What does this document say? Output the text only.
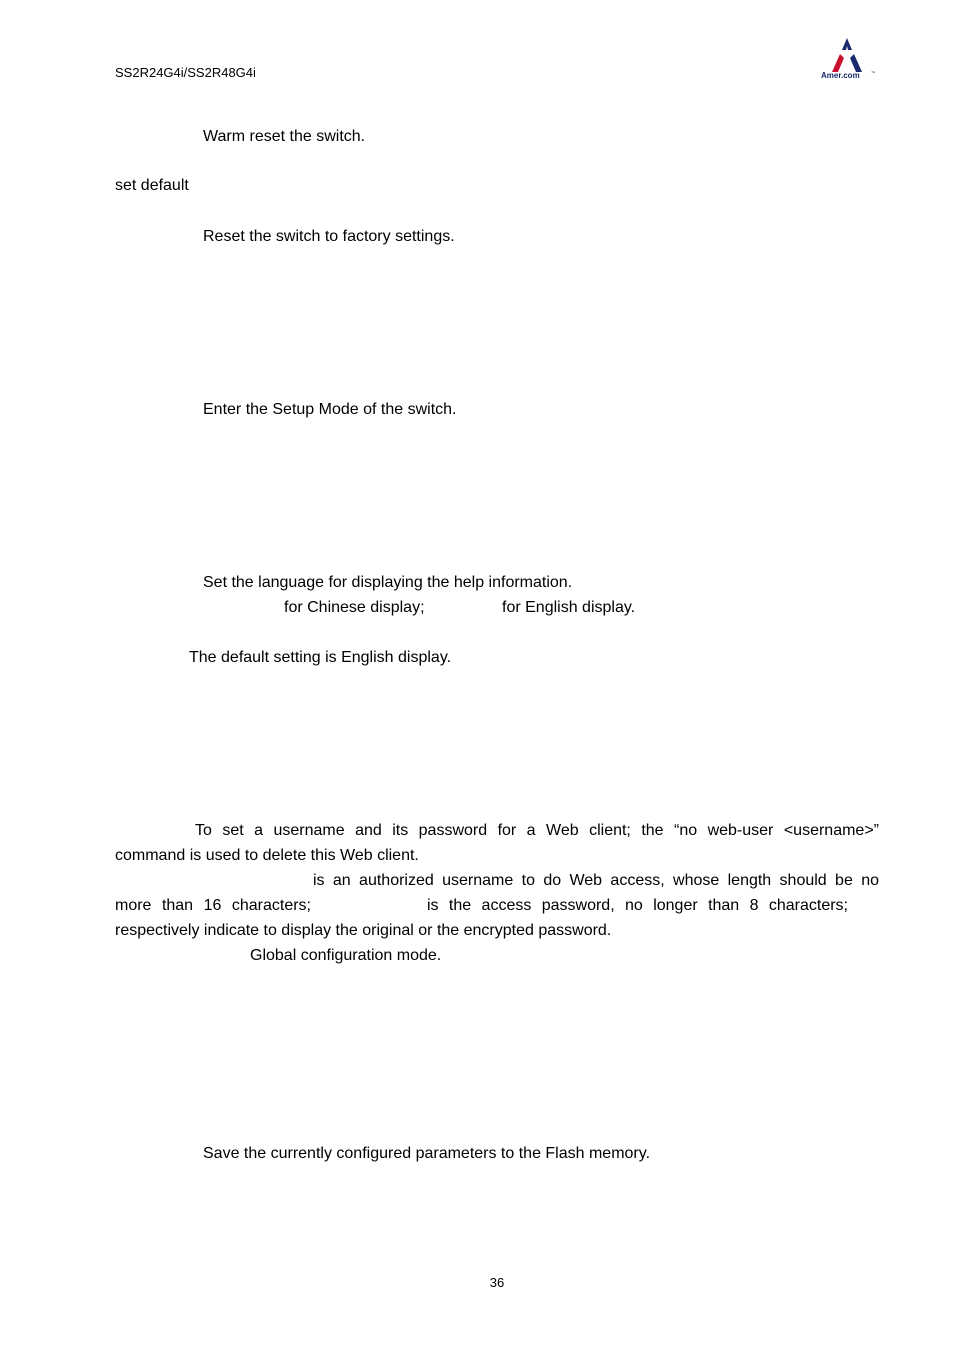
SS2R24G4i/SS2R48G4i	Amer.com	™
Warm reset the switch.
set default
Reset the switch to factory settings.
Enter the Setup Mode of the switch.
Set the language for displaying the help information.
for Chinese display;	for English display.
The default setting is English display.
To set a username and its password for a Web client; the “no web-user <username>”
command is used to delete this Web client.
is an authorized username to do Web access, whose length should be no
more than 16 characters;	is the access password, no longer than 8 characters;
respectively indicate to display the original or the encrypted password.
Global configuration mode.
Save the currently configured parameters to the Flash memory.
36
